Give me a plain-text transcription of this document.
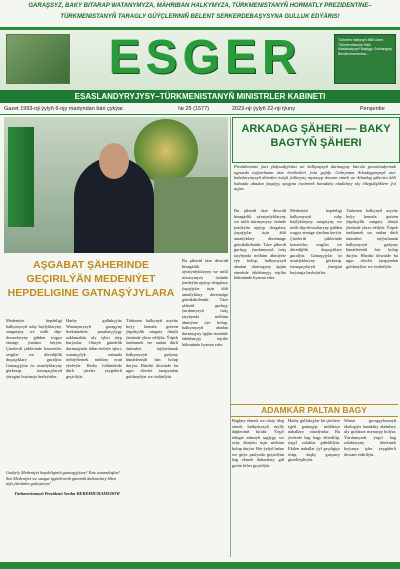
GARAŞSYZ, BAKY BITARAP WATANYMYZA, MÄHRIBAN HALKYMYZA, TÜRKMENISTANYŇ HORMATLY PREZIDENTINE–
TÜRKMENISTANYŇ TARAGLY GÜÝÇLERINIŇ BELENT SERKERDEBAŞYSYNA GULLUK EDÝÄRIS!
Türkmen halkynyň Milli Lideri, Türkmenistanyň Halk Maslahatynyň Başlygy Gurbanguly Berdimuhamedow...
ESGER
ESASLANDYRYJYSY–TÜRKMENISTANYŇ MINISTRLER KABINETI
Gazet 1993-nji ýylyň 6-njy martyndan bäri çykýar.	№ 25 (1577)	2023-nji ýylyň 22-nji iýuny	Penşenbe
ARKADAG ŞÄHERI — BAKY BAGTYŇ ŞÄHERI
Prezidentimiz ýurt ykdysadyýetini we halkymyzyň durmuşyny has-da gowulandyrmak ugrunda taýýarlanan täze hereketleri ýola goýdy. Gahryman Arkadagymyzyň ata-babalarymyzyň döreden ösüşli ýollaryny mynasyp dowam etmek we Arkadag şäherini ähli babatda abadan ýaşaýyş ojagyna öwürmek baradaky aladalary uly öňegidişliklere ýol açýar.
Bu şäheriň täze döwrüň binagärlik aýratynlyklaryny we milli mirasymyzy özünde jemleýän ajaýyp desgalary ýaşaýjylar üçin ähli amatlyklary döretmäge gönükdirilendir. Täze şäheriň gurluşy ýurdumyzyň ösüş taryhynda möhüm ähmiýete eýe bolup, halkymyzyň abadan durmuşyny üpjün etmekde öňdebaryjy tejribe hökmünde hyzmat eder.
Medeniýet hepdeligi halkymyzyň ruhy baýlyklaryny, sungatyny we milli däp-dessurlaryny giňden wagyz etmäge ýardam berýär. Çäreleriň çäklerinde konsertler, sergiler we döredijilik duşuşyklary guralýar. Gatnaşyjylar öz ussatlyklaryny görkezip, tomaşaçylaryň ýüregini buýsanja besleýärler.
Türkmen halkynyň asyrlar boýy kemala getiren ýüpekçilik sungaty dünýä ýüzünde ykrar edilýär. Ýüpek öndürmek we ondan dürli önümleri taýýarlamak halkymyzyň gadymy hünärleriniň biri bolup durýar. Häzirki döwürde bu ugur döwlet tarapyndan goldanylýar we ösdürilýär.
AŞGABAT ŞÄHERINDE GEÇIRILÝÄN MEDENIÝET HEPDELIGINE GATNAŞÝJYLARA
Medeniýet hepdeligi halkymyzyň ruhy baýlyklaryny, sungatyny we milli däp-dessurlaryny giňden wagyz etmäge ýardam berýär. Çäreleriň çäklerinde konsertler, sergiler we döredijilik duşuşyklary guralýar. Gatnaşyjylar öz ussatlyklaryny görkezip, tomaşaçylaryň ýüregini buýsanja besleýärler.
Harby gullukçylar Watanymyzyň goragyny berkitmekde, parahatçylygy saklamakda uly işleri alyp barýarlar. Olaryň gündelik durmuşynda tälim-terbiýe işleri, watançylyk ruhunda terbiýelemek möhüm orun eýeleýär. Harby bölümlerde dürli çäreler yzygiderli geçirilýär.
Türkmen halkynyň asyrlar boýy kemala getiren ýüpekçilik sungaty dünýä ýüzünde ykrar edilýär. Ýüpek öndürmek we ondan dürli önümleri taýýarlamak halkymyzyň gadymy hünärleriniň biri bolup durýar. Häzirki döwürde bu ugur döwlet tarapyndan goldanylýar we ösdürilýär.
Bu şäheriň täze döwrüň binagärlik aýratynlyklaryny we milli mirasymyzy özünde jemleýän ajaýyp desgalary ýaşaýjylar üçin ähli amatlyklary döretmäge gönükdirilendir. Täze şäheriň gurluşy ýurdumyzyň ösüş taryhynda möhüm ähmiýete eýe bolup, halkymyzyň abadan durmuşyny üpjün etmekde öňdebaryjy tejribe hökmünde hyzmat eder.
Gadyrly Medeniýet hepdeliginiň gatnaşyjylary! Eziz watandaşlar! Sizi Medeniýet we sungat işgärleriniň gününiň dabaralary bilen tüýs ýürekden gutlaýaryn!
Türkmenistanyň Prezidenti Serdar BERDIMUHAMEDOW
ADAMKÄR PALTAN BAGY
Baglary ekmek we olary ideg etmek halkymyzyň asylly däpleriniň biridir. Ýaşyl tebigat adamyň saglygy we ruhy dünýäsi üçin möhüm bolup durýar. Her ýylyň bahar we güýz paslynda geçirilýän bag ekmek dabaralary giň gerim bilen geçirilýär.
Harby gullukçylar bu çärelere işjeň gatnaşyp, müňlerçe nahallary oturdýarlar. Bu ýerlerde bag bagy döredilip, ýaşyl zolaklar giňeldilýär. Ekilen nahallar ýyl geçdigiçe ösüp, daşky gurşawy gözelleşdirýär.
Watan goragçylarynyň ekologiýa baradaky aladalary uly goldawa mynasyp bolýar. Ýurdumyzda ýaşyl bag zolaklaryny döretmek boýunça işler yzygiderli dowam etdirilýär.
